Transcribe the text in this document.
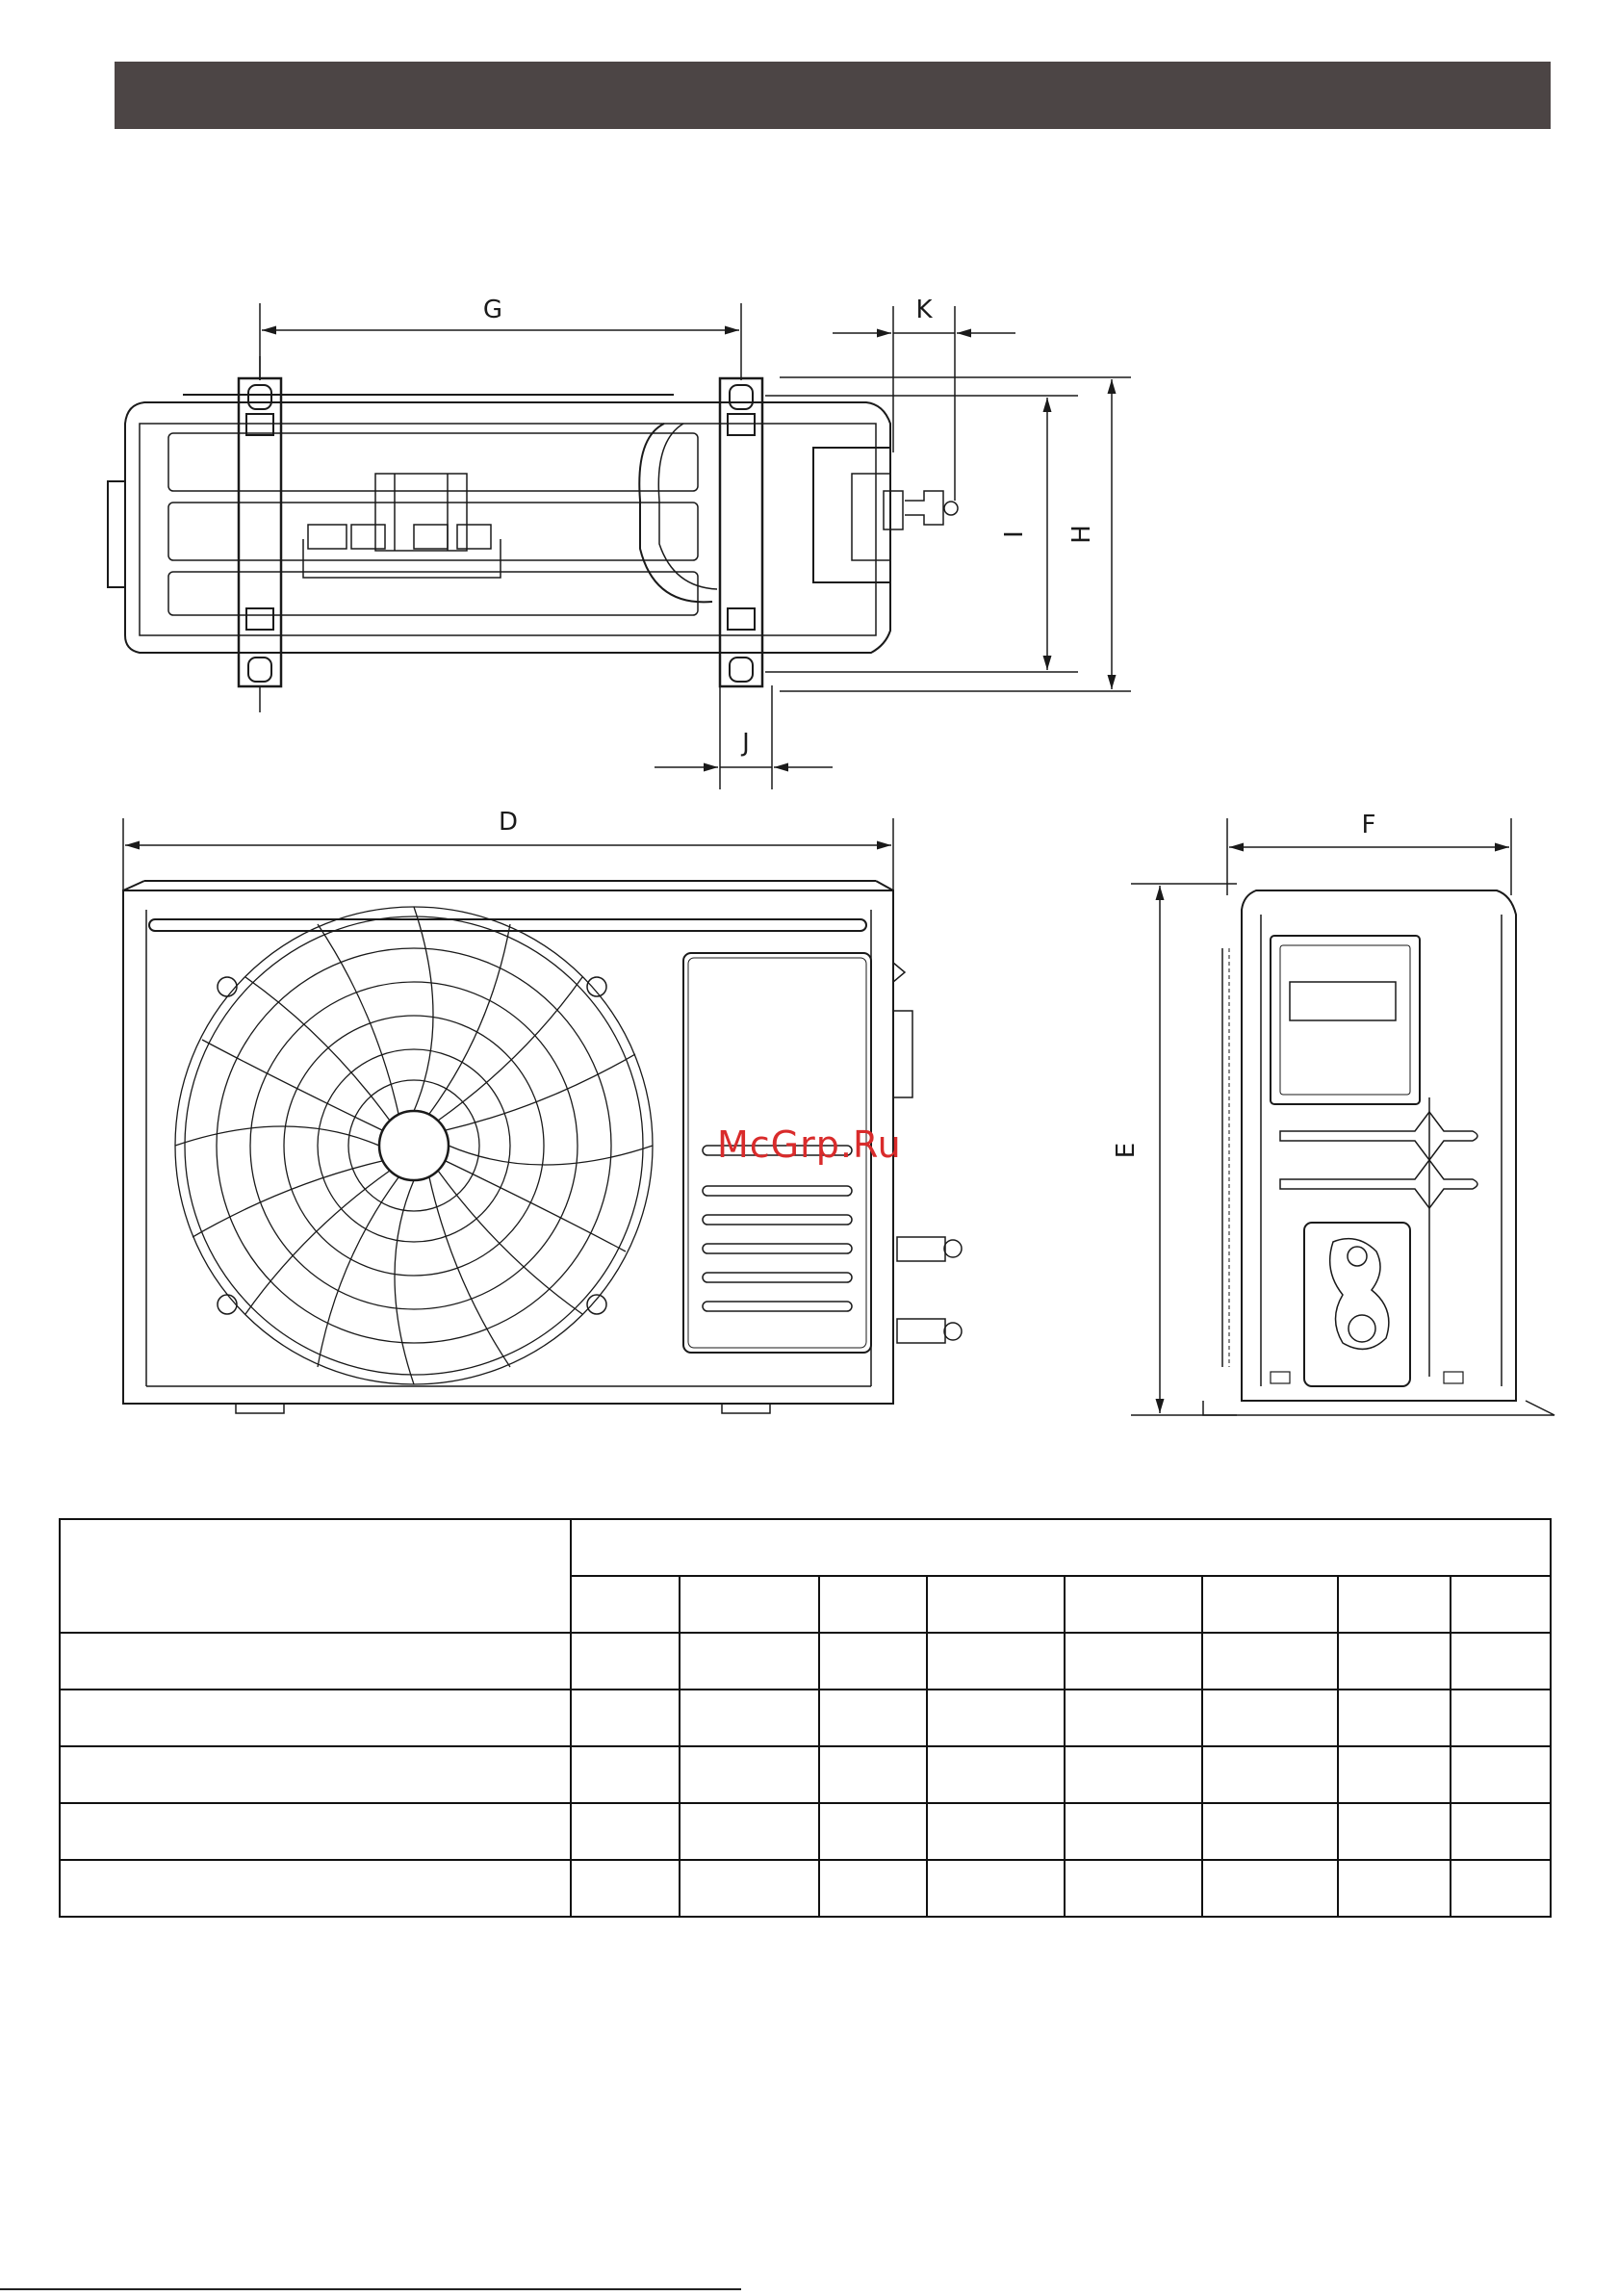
G	K
I H
J
D	F
E
McGrp.Ru
